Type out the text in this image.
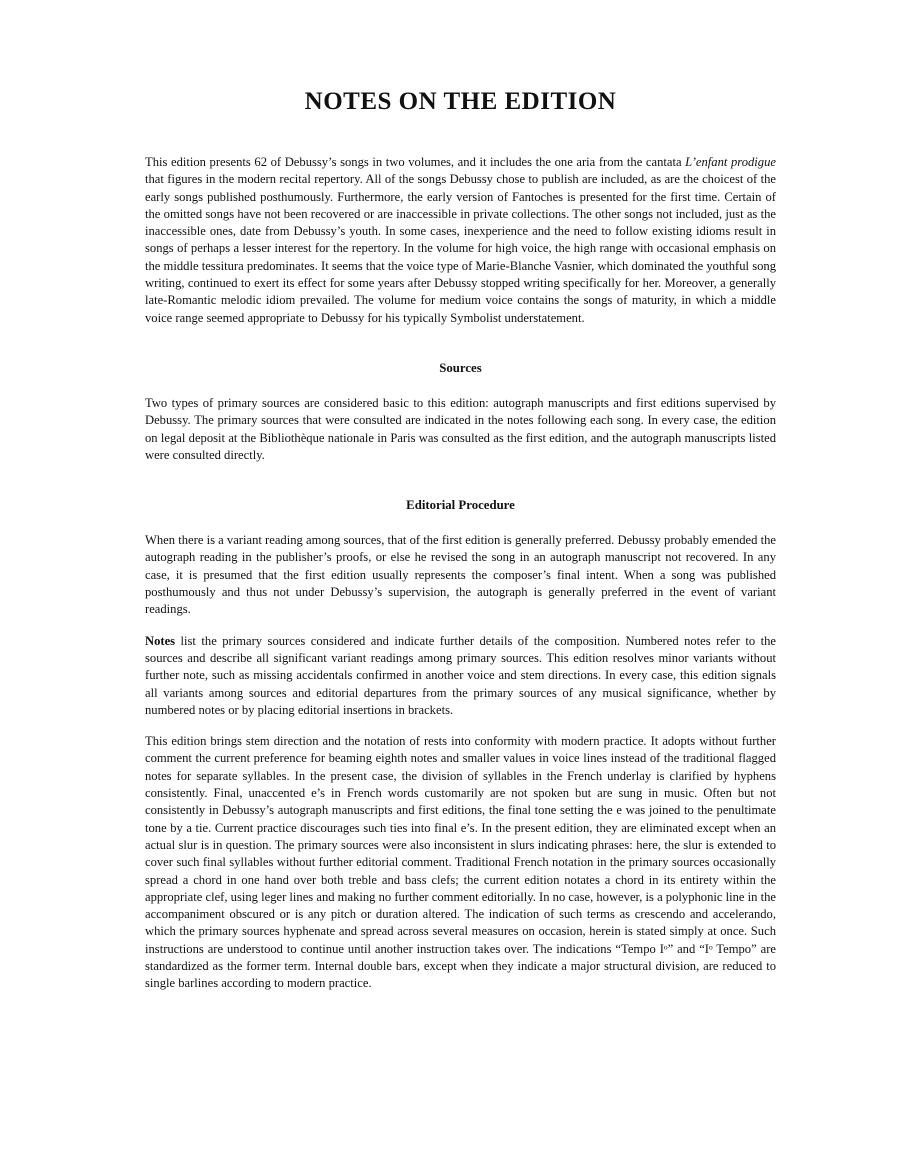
NOTES ON THE EDITION

This edition presents 62 of Debussy’s songs in two volumes, and it includes the one aria from the cantata L’enfant prodigue that figures in the modern recital repertory. All of the songs Debussy chose to publish are included, as are the choicest of the early songs published posthumously. Furthermore, the early version of Fantoches is presented for the first time. Certain of the omitted songs have not been recovered or are inaccessible in private collections. The other songs not included, just as the inaccessible ones, date from Debussy’s youth. In some cases, inexperience and the need to follow existing idioms result in songs of perhaps a lesser interest for the repertory. In the volume for high voice, the high range with occasional emphasis on the middle tessitura predominates. It seems that the voice type of Marie-Blanche Vasnier, which dominated the youthful song writing, continued to exert its effect for some years after Debussy stopped writing specifically for her. Moreover, a generally late-Romantic melodic idiom prevailed. The volume for medium voice contains the songs of maturity, in which a middle voice range seemed appropriate to Debussy for his typically Symbolist understatement.

Sources

Two types of primary sources are considered basic to this edition: autograph manuscripts and first editions supervised by Debussy. The primary sources that were consulted are indicated in the notes following each song. In every case, the edition on legal deposit at the Bibliothèque nationale in Paris was consulted as the first edition, and the autograph manuscripts listed were consulted directly.

Editorial Procedure

When there is a variant reading among sources, that of the first edition is generally preferred. Debussy probably emended the autograph reading in the publisher’s proofs, or else he revised the song in an autograph manuscript not recovered. In any case, it is presumed that the first edition usually represents the composer’s final intent. When a song was published posthumously and thus not under Debussy’s supervision, the autograph is generally preferred in the event of variant readings.

Notes list the primary sources considered and indicate further details of the composition. Numbered notes refer to the sources and describe all significant variant readings among primary sources. This edition resolves minor variants without further note, such as missing accidentals confirmed in another voice and stem directions. In every case, this edition signals all variants among sources and editorial departures from the primary sources of any musical significance, whether by numbered notes or by placing editorial insertions in brackets.

This edition brings stem direction and the notation of rests into conformity with modern practice. It adopts without further comment the current preference for beaming eighth notes and smaller values in voice lines instead of the traditional flagged notes for separate syllables. In the present case, the division of syllables in the French underlay is clarified by hyphens consistently. Final, unaccented e’s in French words customarily are not spoken but are sung in music. Often but not consistently in Debussy’s autograph manuscripts and first editions, the final tone setting the e was joined to the penultimate tone by a tie. Current practice discourages such ties into final e’s. In the present edition, they are eliminated except when an actual slur is in question. The primary sources were also inconsistent in slurs indicating phrases: here, the slur is extended to cover such final syllables without further editorial comment. Traditional French notation in the primary sources occasionally spread a chord in one hand over both treble and bass clefs; the current edition notates a chord in its entirety within the appropriate clef, using leger lines and making no further comment editorially. In no case, however, is a polyphonic line in the accompaniment obscured or is any pitch or duration altered. The indication of such terms as crescendo and accelerando, which the primary sources hyphenate and spread across several measures on occasion, herein is stated simply at once. Such instructions are understood to continue until another instruction takes over. The indications “Tempo Iᵒ” and “Iᵒ Tempo” are standardized as the former term. Internal double bars, except when they indicate a major structural division, are reduced to single barlines according to modern practice.
